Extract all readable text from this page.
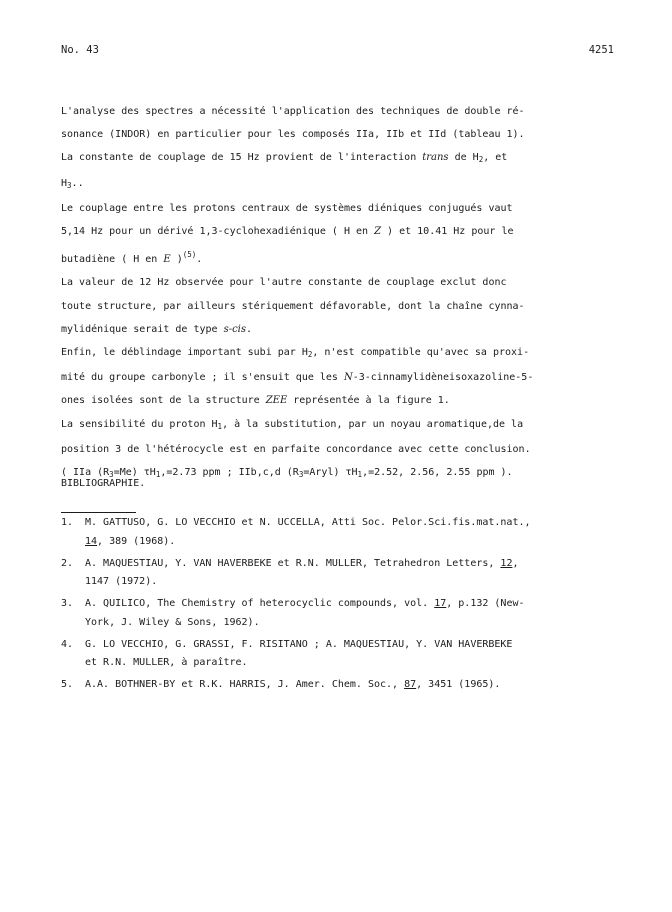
No. 43	4251
L'analyse des spectres a nécessité l'application des techniques de double ré-
sonance (INDOR) en particulier pour les composés IIa, IIb et IId (tableau 1).
La constante de couplage de 15 Hz provient de l'interaction trans de $H_2$, et
$H_3$..
Le couplage entre les protons centraux de systèmes diéniques conjugués vaut
5,14 Hz pour un dérivé 1,3-cyclohexadiénique ( H en Z ) et 10.41 Hz pour le
butadiène ( H en E )$^{(5)}$.
La valeur de 12 Hz observée pour l'autre constante de couplage exclut donc
toute structure, par ailleurs stériquement défavorable, dont la chaîne cynna-
mylidénique serait de type s-cis.
Enfin, le déblindage important subi par $H_2$, n'est compatible qu'avec sa proxi-
mité du groupe carbonyle ; il s'ensuit que les N-3-cinnamylidèneisoxazoline-5-
ones isolées sont de la structure ZEE représentée à la figure 1.
La sensibilité du proton $H_1$, à la substitution, par un noyau aromatique,de la
position 3 de l'hétérocycle est en parfaite concordance avec cette conclusion.
( IIa $(R_3=Me)$ $\tau H_1,=2.73$ ppm ; IIb,c,d $(R_3=Aryl)$ $\tau H_1,=2.52$, 2.56, 2.55 ppm ).
BIBLIOGRAPHIE.
1. M. GATTUSO, G. LO VECCHIO et N. UCCELLA, Atti Soc. Pelor.Sci.fis.mat.nat.,
14, 389 (1968).
2. A. MAQUESTIAU, Y. VAN HAVERBEKE et R.N. MULLER, Tetrahedron Letters, 12,
1147 (1972).
3. A. QUILICO, The Chemistry of heterocyclic compounds, vol. 17, p.132 (New-
York, J. Wiley & Sons, 1962).
4. G. LO VECCHIO, G. GRASSI, F. RISITANO ; A. MAQUESTIAU, Y. VAN HAVERBEKE
et R.N. MULLER, à paraître.
5. A.A. BOTHNER-BY et R.K. HARRIS, J. Amer. Chem. Soc., 87, 3451 (1965).
